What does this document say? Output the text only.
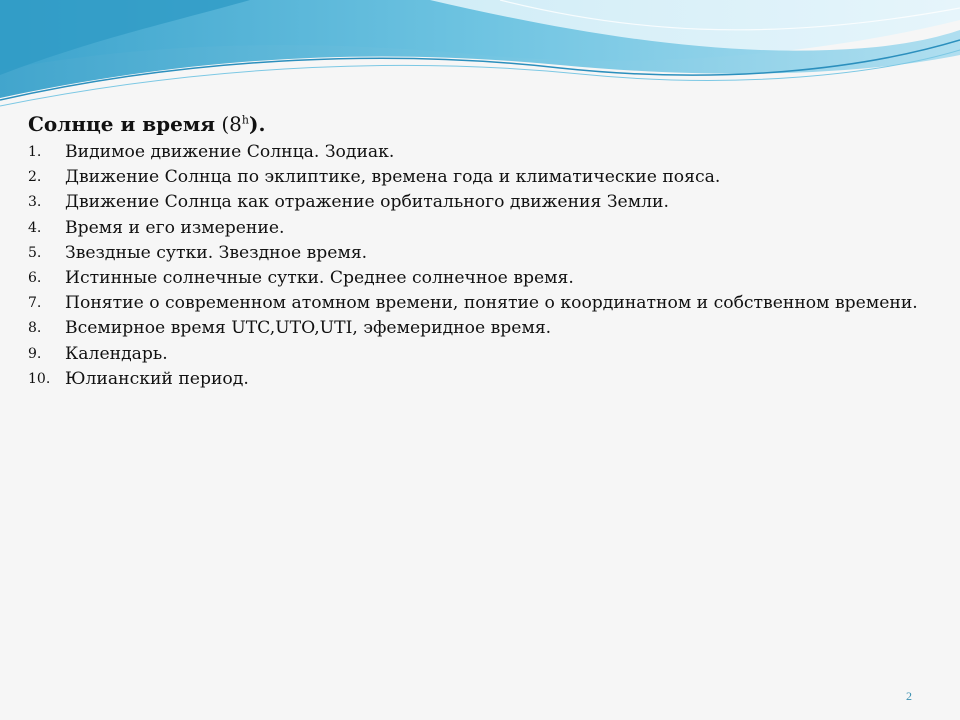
Солнце и время (8$^h$).
1.	Видимое движение Солнца. Зодиак.
2.	Движение Солнца по эклиптике, времена года и климатические пояса.
3.	Движение Солнца как отражение орбитального движения Земли.
4.	Время и его измерение.
5.	Звездные сутки. Звездное время.
6.	Истинные солнечные сутки. Среднее солнечное время.
7.	Понятие о современном атомном времени, понятие о координатном и собственном времени.
8.	Всемирное время UTC,UTO,UTI, эфемеридное время.
9.	Календарь.
10. Юлианский период.
2
